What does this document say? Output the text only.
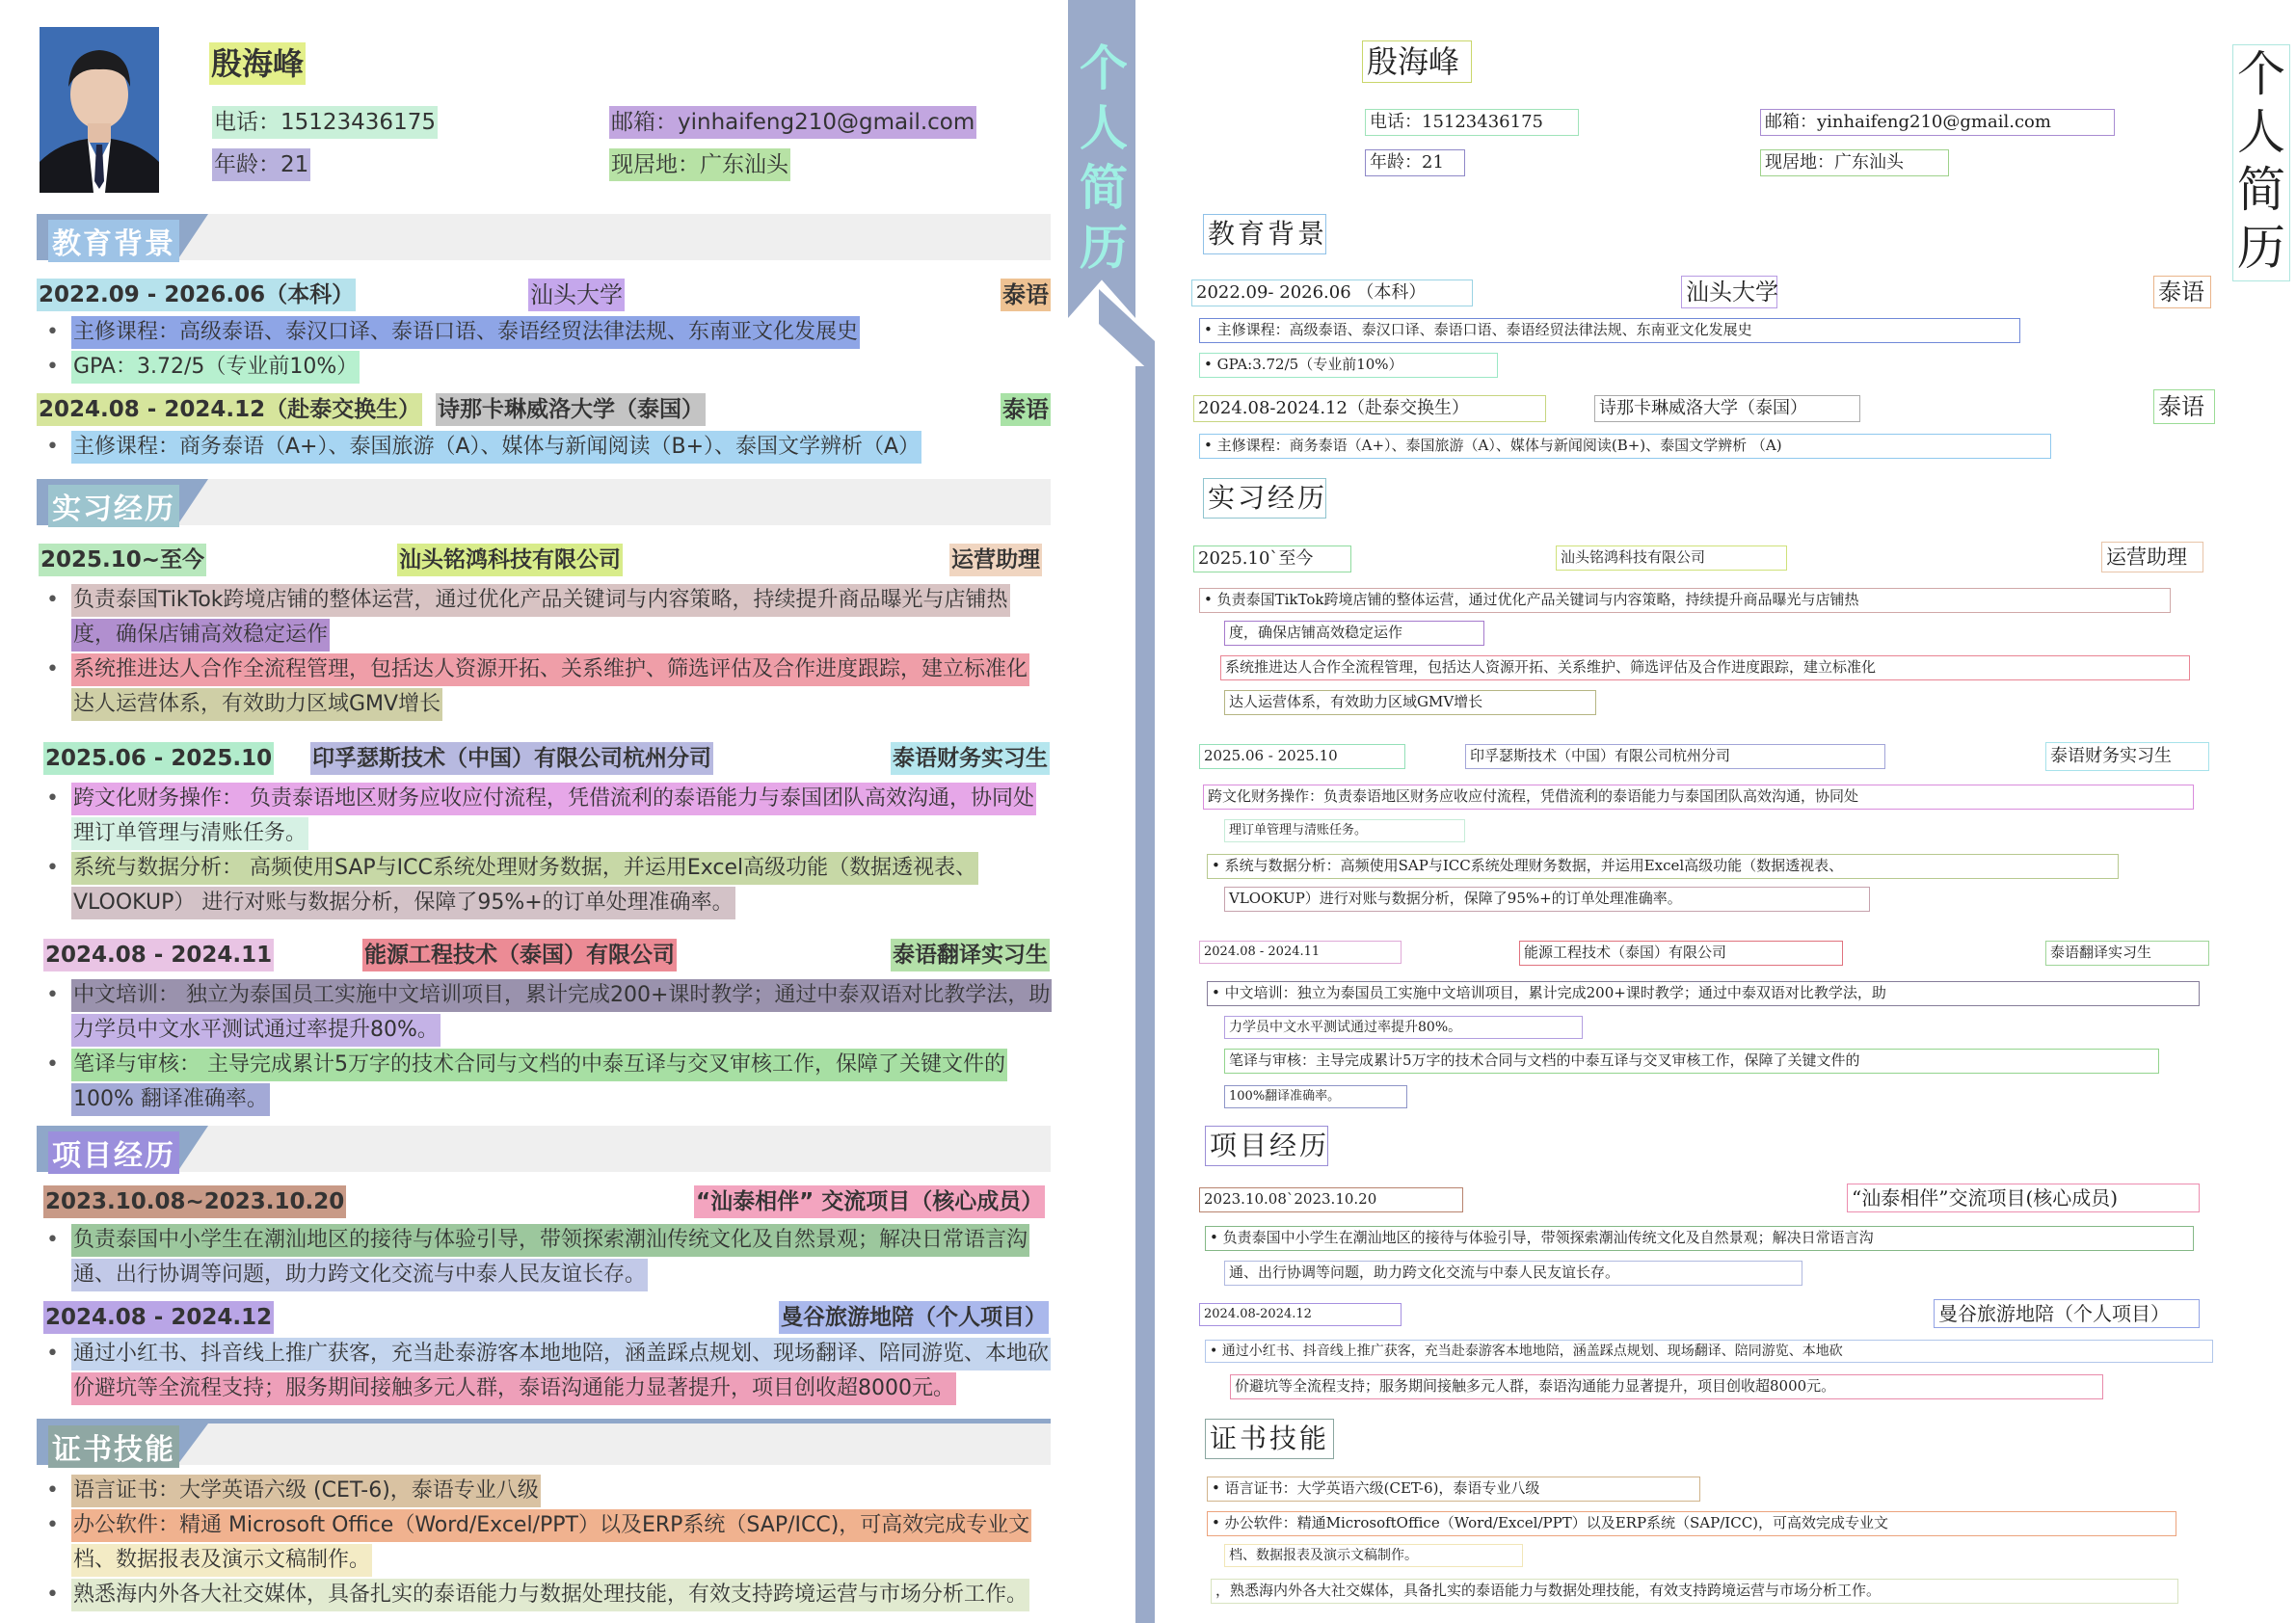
殷海峰
电话：15123436175	邮箱：yinhaifeng210@gmail.com
年龄：21	现居地：广东汕头
教育背景
2022.09 - 2026.06（本科）	汕头大学	泰语
• 主修课程：高级泰语、泰汉口译、泰语口语、泰语经贸法律法规、东南亚文化发展史
• GPA：3.72/5（专业前10%）
2024.08 - 2024.12（赴泰交换生） 诗那卡琳威洛大学（泰国）	泰语
• 主修课程：商务泰语（A+）、泰国旅游（A）、媒体与新闻阅读（B+）、泰国文学辨析（A）
实习经历
2025.10~至今	汕头铭鸿科技有限公司	运营助理
• 负责泰国TikTok跨境店铺的整体运营，通过优化产品关键词与内容策略，持续提升商品曝光与店铺热
度，确保店铺高效稳定运作
• 系统推进达人合作全流程管理，包括达人资源开拓、关系维护、筛选评估及合作进度跟踪，建立标准化
达人运营体系，有效助力区域GMV增长
2025.06 - 2025.10 印孚瑟斯技术（中国）有限公司杭州分司	泰语财务实习生
• 跨文化财务操作： 负责泰语地区财务应收应付流程，凭借流利的泰语能力与泰国团队高效沟通，协同处
理订单管理与清账任务。
• 系统与数据分析： 高频使用SAP与ICC系统处理财务数据，并运用Excel高级功能（数据透视表、
VLOOKUP） 进行对账与数据分析，保障了95%+的订单处理准确率。
2024.08 - 2024.11	能源工程技术（泰国）有限公司	泰语翻译实习生
• 中文培训： 独立为泰国员工实施中文培训项目，累计完成200+课时教学；通过中泰双语对比教学法，助
力学员中文水平测试通过率提升80%。
• 笔译与审核： 主导完成累计5万字的技术合同与文档的中泰互译与交叉审核工作，保障了关键文件的
100% 翻译准确率。
项目经历
2023.10.08~2023.10.20	“汕泰相伴” 交流项目（核心成员）
• 负责泰国中小学生在潮汕地区的接待与体验引导，带领探索潮汕传统文化及自然景观；解决日常语言沟
通、出行协调等问题，助力跨文化交流与中泰人民友谊长存。
2024.08 - 2024.12	曼谷旅游地陪（个人项目）
• 通过小红书、抖音线上推广获客，充当赴泰游客本地地陪，涵盖踩点规划、现场翻译、陪同游览、本地砍
价避坑等全流程支持；服务期间接触多元人群，泰语沟通能力显著提升，项目创收超8000元。
证书技能
• 语言证书：大学英语六级 (CET-6)，泰语专业八级
• 办公软件：精通 Microsoft Office（Word/Excel/PPT）以及ERP系统（SAP/ICC)，可高效完成专业文
档、数据报表及演示文稿制作。
• 熟悉海内外各大社交媒体，具备扎实的泰语能力与数据处理技能，有效支持跨境运营与市场分析工作。
个人简历
殷海峰
电话：15123436175	邮箱：yinhaifeng210@gmail.com
年龄：21	现居地：广东汕头
个人简历
教育背景
2022.09- 2026.06 （本科）	汕头大学	泰语
• 主修课程：高级泰语、泰汉口译、泰语口语、泰语经贸法律法规、东南亚文化发展史
• GPA:3.72/5（专业前10%）
2024.08-2024.12（赴泰交换生）	诗那卡琳威洛大学（泰国）	泰语
• 主修课程：商务泰语（A+）、泰国旅游（A）、媒体与新闻阅读(B+)、泰国文学辨析 （A)
实习经历
2025.10`至今	汕头铭鸿科技有限公司	运营助理
• 负责泰国TikTok跨境店铺的整体运营，通过优化产品关键词与内容策略，持续提升商品曝光与店铺热
度，确保店铺高效稳定运作
系统推进达人合作全流程管理，包括达人资源开拓、关系维护、筛选评估及合作进度跟踪，建立标准化
达人运营体系，有效助力区域GMV增长
2025.06 - 2025.10	印孚瑟斯技术（中国）有限公司杭州分司	泰语财务实习生
跨文化财务操作：负责泰语地区财务应收应付流程，凭借流利的泰语能力与泰国团队高效沟通，协同处
理订单管理与清账任务。
• 系统与数据分析：高频使用SAP与ICC系统处理财务数据，并运用Excel高级功能（数据透视表、
VLOOKUP）进行对账与数据分析，保障了95%+的订单处理准确率。
2024.08 - 2024.11	能源工程技术（泰国）有限公司	泰语翻译实习生
• 中文培训：独立为泰国员工实施中文培训项目，累计完成200+课时教学；通过中泰双语对比教学法，助
力学员中文水平测试通过率提升80%。
笔译与审核：主导完成累计5万字的技术合同与文档的中泰互译与交叉审核工作，保障了关键文件的
100%翻译准确率。
项目经历
2023.10.08`2023.10.20	“汕泰相伴”交流项目(核心成员)
• 负责泰国中小学生在潮汕地区的接待与体验引导，带领探索潮汕传统文化及自然景观；解决日常语言沟
通、出行协调等问题，助力跨文化交流与中泰人民友谊长存。
2024.08-2024.12	曼谷旅游地陪（个人项目）
• 通过小红书、抖音线上推广获客，充当赴泰游客本地地陪，涵盖踩点规划、现场翻译、陪同游览、本地砍
价避坑等全流程支持；服务期间接触多元人群，泰语沟通能力显著提升，项目创收超8000元。
证书技能
• 语言证书：大学英语六级(CET-6)，泰语专业八级
• 办公软件：精通MicrosoftOffice（Word/Excel/PPT）以及ERP系统（SAP/ICC)，可高效完成专业文
档、数据报表及演示文稿制作。
，熟悉海内外各大社交媒体，具备扎实的泰语能力与数据处理技能，有效支持跨境运营与市场分析工作。
